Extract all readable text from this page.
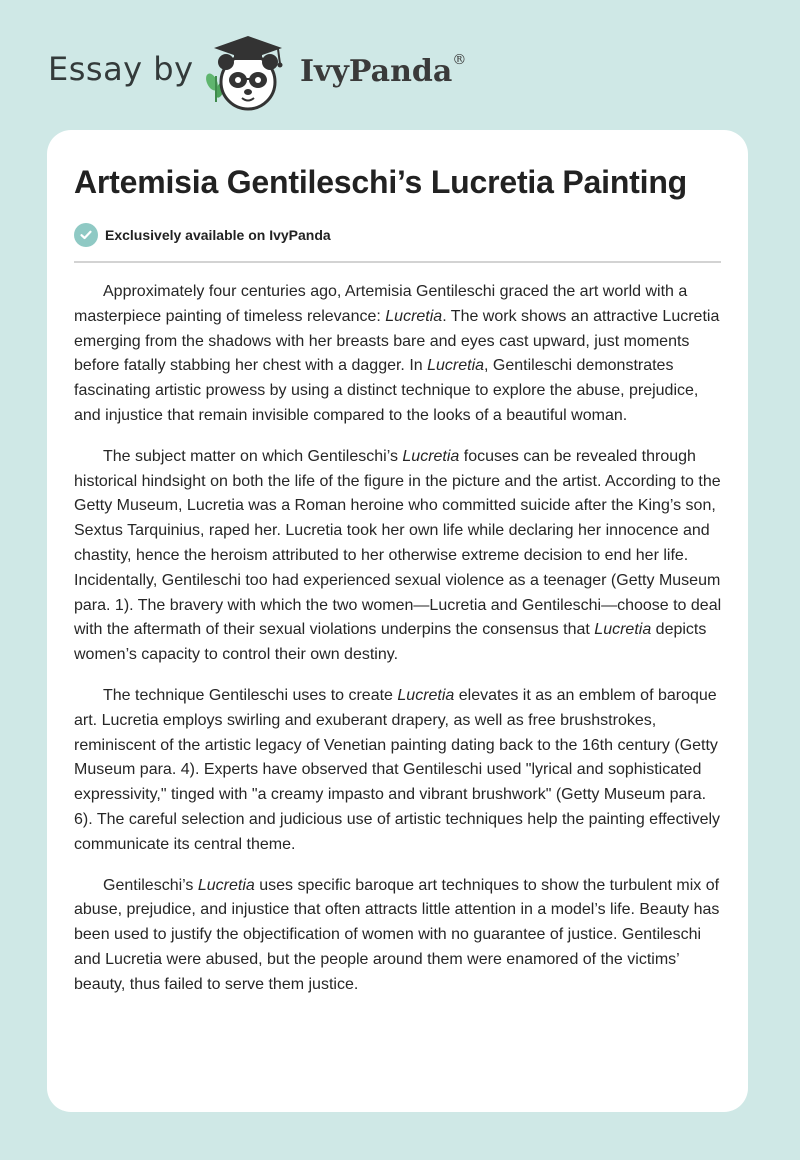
Essay by	IvyPanda®
Artemisia Gentileschi’s Lucretia Painting
Exclusively available on IvyPanda

Approximately four centuries ago, Artemisia Gentileschi graced the art world with a masterpiece painting of timeless relevance: Lucretia. The work shows an attractive Lucretia emerging from the shadows with her breasts bare and eyes cast upward, just moments before fatally stabbing her chest with a dagger. In Lucretia, Gentileschi demonstrates fascinating artistic prowess by using a distinct technique to explore the abuse, prejudice, and injustice that remain invisible compared to the looks of a beautiful woman.

The subject matter on which Gentileschi’s Lucretia focuses can be revealed through historical hindsight on both the life of the figure in the picture and the artist. According to the Getty Museum, Lucretia was a Roman heroine who committed suicide after the King’s son, Sextus Tarquinius, raped her. Lucretia took her own life while declaring her innocence and chastity, hence the heroism attributed to her otherwise extreme decision to end her life. Incidentally, Gentileschi too had experienced sexual violence as a teenager (Getty Museum para. 1). The bravery with which the two women—Lucretia and Gentileschi—choose to deal with the aftermath of their sexual violations underpins the consensus that Lucretia depicts women’s capacity to control their own destiny.

The technique Gentileschi uses to create Lucretia elevates it as an emblem of baroque art. Lucretia employs swirling and exuberant drapery, as well as free brushstrokes, reminiscent of the artistic legacy of Venetian painting dating back to the 16th century (Getty Museum para. 4). Experts have observed that Gentileschi used "lyrical and sophisticated expressivity," tinged with "a creamy impasto and vibrant brushwork" (Getty Museum para. 6). The careful selection and judicious use of artistic techniques help the painting effectively communicate its central theme.

Gentileschi’s Lucretia uses specific baroque art techniques to show the turbulent mix of abuse, prejudice, and injustice that often attracts little attention in a model’s life. Beauty has been used to justify the objectification of women with no guarantee of justice. Gentileschi and Lucretia were abused, but the people around them were enamored of the victims’ beauty, thus failed to serve them justice.
